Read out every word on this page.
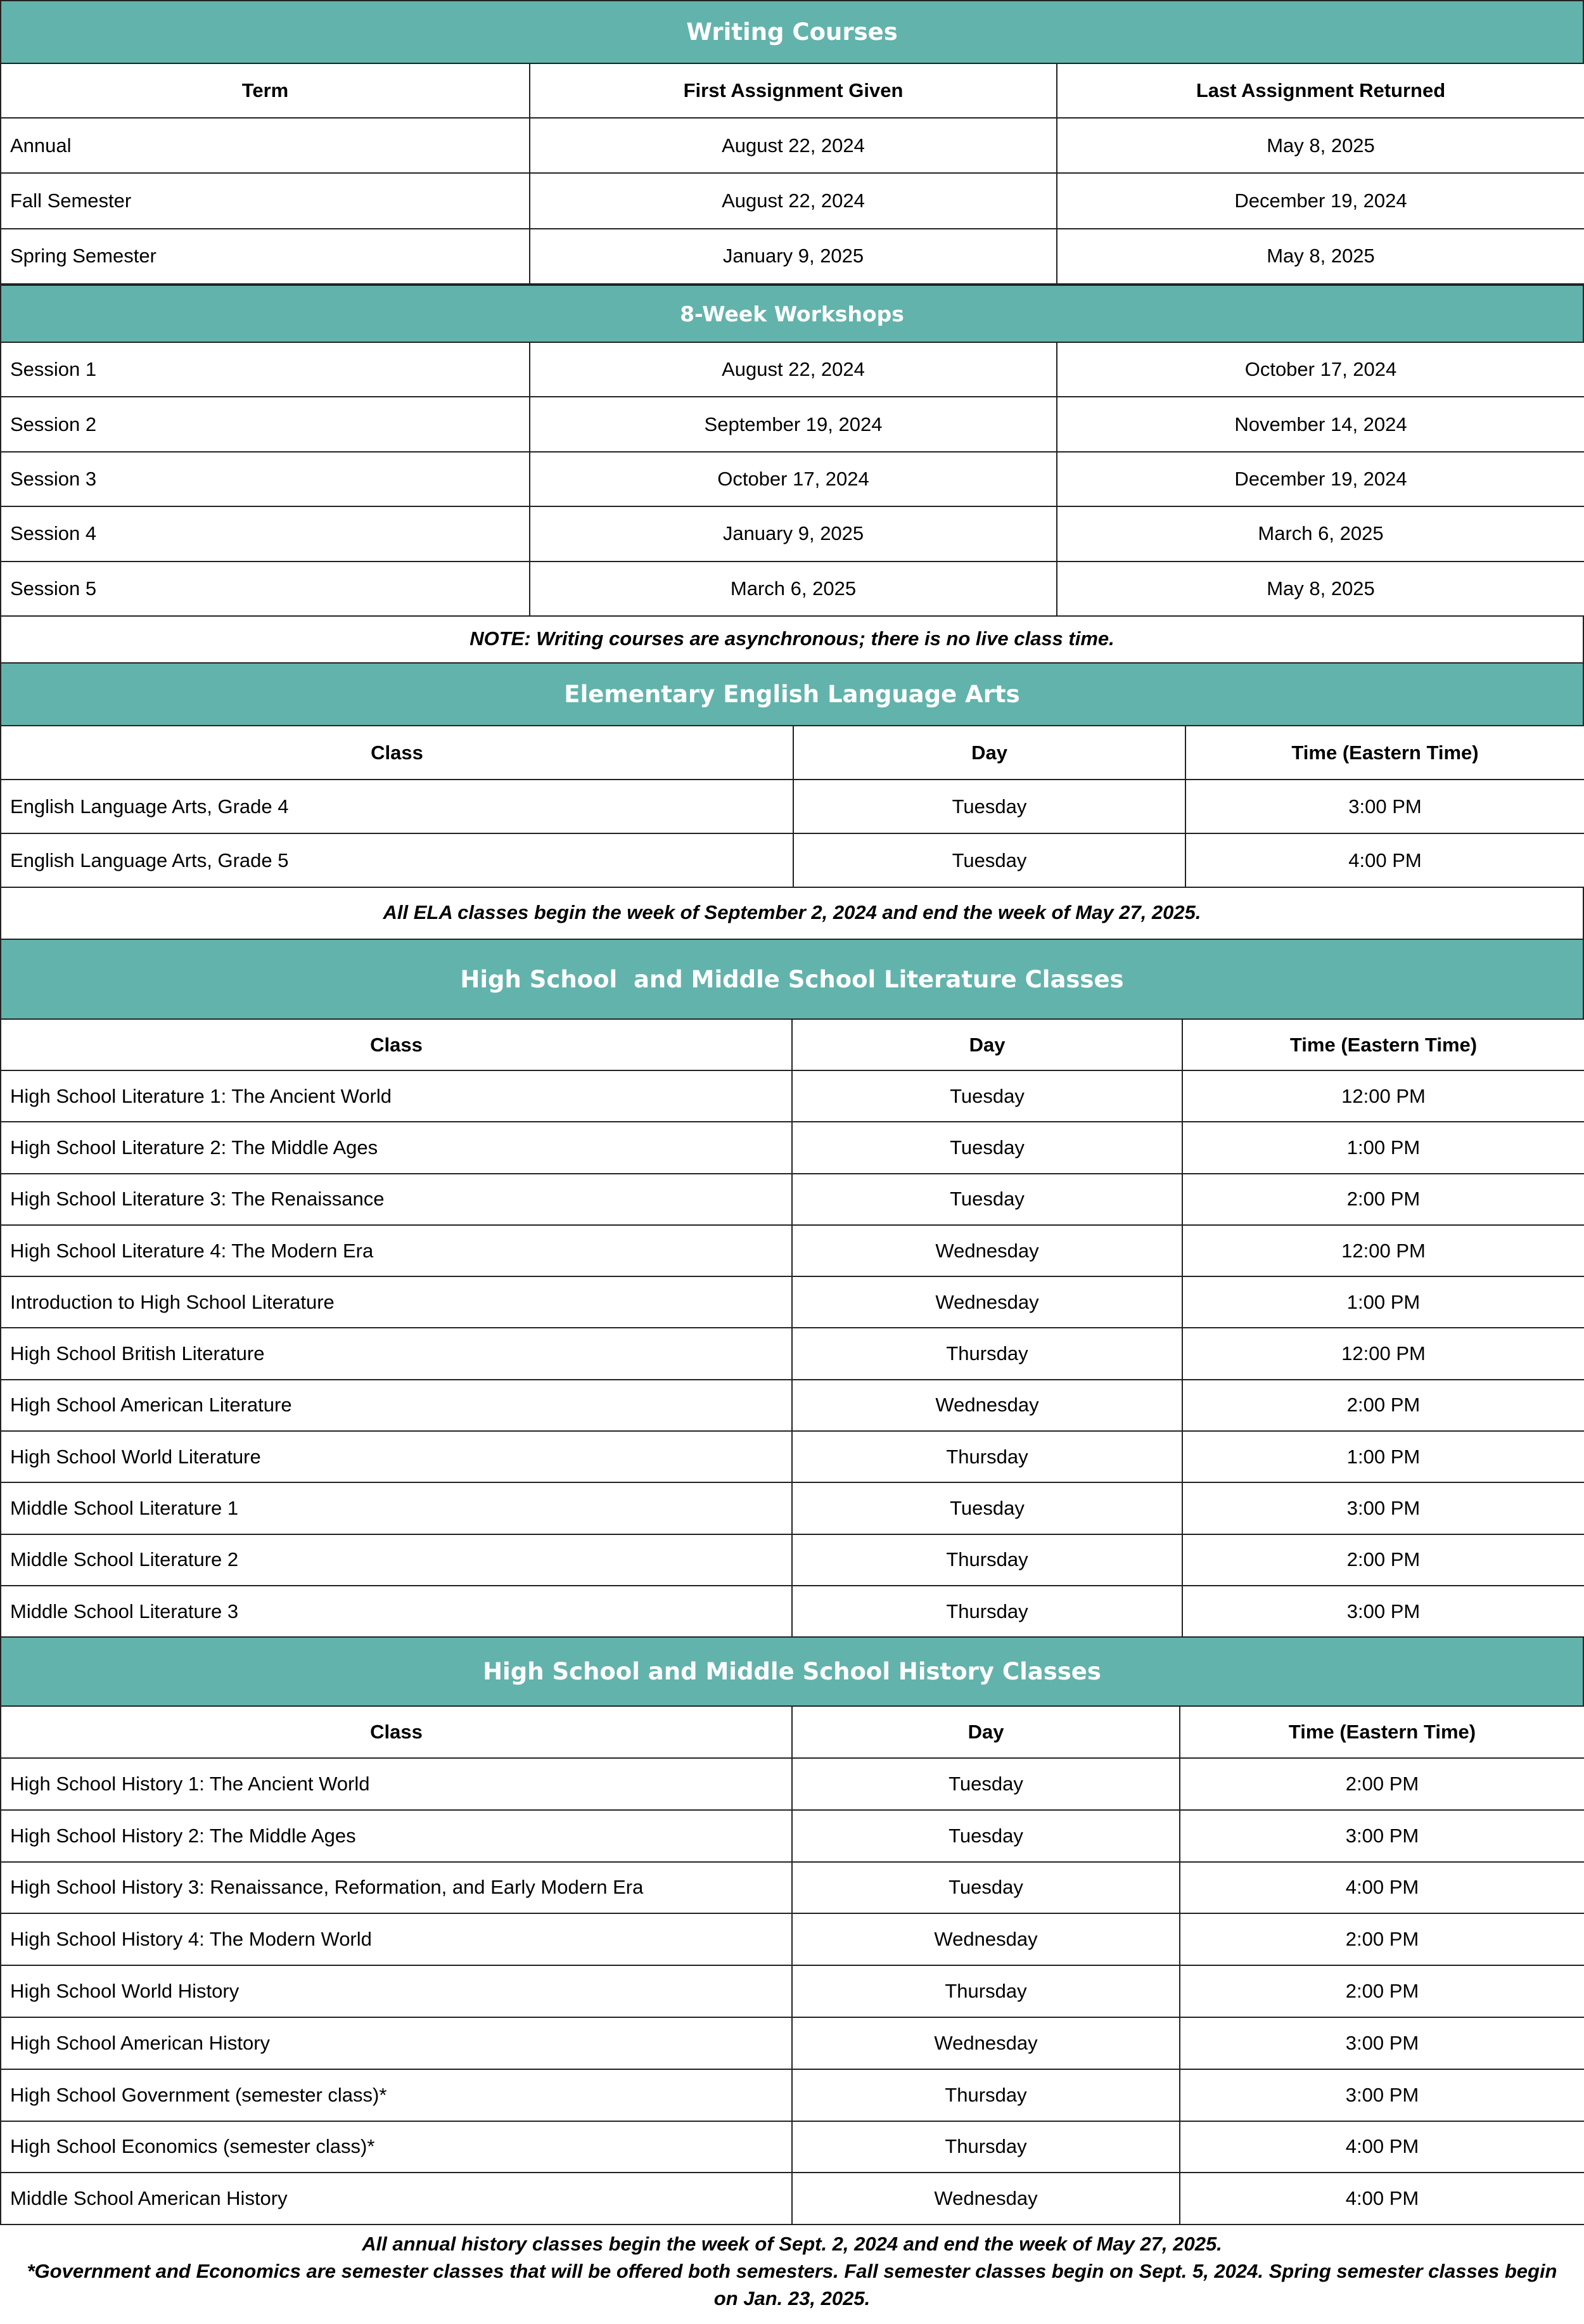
Writing Courses
Term	First Assignment Given	Last Assignment Returned
Annual	August 22, 2024	May 8, 2025
Fall Semester	August 22, 2024	December 19, 2024
Spring Semester	January 9, 2025	May 8, 2025
8-Week Workshops
Session 1	August 22, 2024	October 17, 2024
Session 2	September 19, 2024	November 14, 2024
Session 3	October 17, 2024	December 19, 2024
Session 4	January 9, 2025	March 6, 2025
Session 5	March 6, 2025	May 8, 2025
NOTE: Writing courses are asynchronous; there is no live class time.
Elementary English Language Arts
Class	Day	Time (Eastern Time)
English Language Arts, Grade 4	Tuesday	3:00 PM
English Language Arts, Grade 5	Tuesday	4:00 PM
All ELA classes begin the week of September 2, 2024 and end the week of May 27, 2025.
High School  and Middle School Literature Classes
Class	Day	Time (Eastern Time)
High School Literature 1: The Ancient World	Tuesday	12:00 PM
High School Literature 2: The Middle Ages	Tuesday	1:00 PM
High School Literature 3: The Renaissance	Tuesday	2:00 PM
High School Literature 4: The Modern Era	Wednesday	12:00 PM
Introduction to High School Literature	Wednesday	1:00 PM
High School British Literature	Thursday	12:00 PM
High School American Literature	Wednesday	2:00 PM
High School World Literature	Thursday	1:00 PM
Middle School Literature 1	Tuesday	3:00 PM
Middle School Literature 2	Thursday	2:00 PM
Middle School Literature 3	Thursday	3:00 PM
High School and Middle School History Classes
Class	Day	Time (Eastern Time)
High School History 1: The Ancient World	Tuesday	2:00 PM
High School History 2: The Middle Ages	Tuesday	3:00 PM
High School History 3: Renaissance, Reformation, and Early Modern Era	Tuesday	4:00 PM
High School History 4: The Modern World	Wednesday	2:00 PM
High School World History	Thursday	2:00 PM
High School American History	Wednesday	3:00 PM
High School Government (semester class)*	Thursday	3:00 PM
High School Economics (semester class)*	Thursday	4:00 PM
Middle School American History	Wednesday	4:00 PM
All annual history classes begin the week of Sept. 2, 2024 and end the week of May 27, 2025.
*Government and Economics are semester classes that will be offered both semesters. Fall semester classes begin on Sept. 5, 2024. Spring semester classes begin on Jan. 23, 2025.
